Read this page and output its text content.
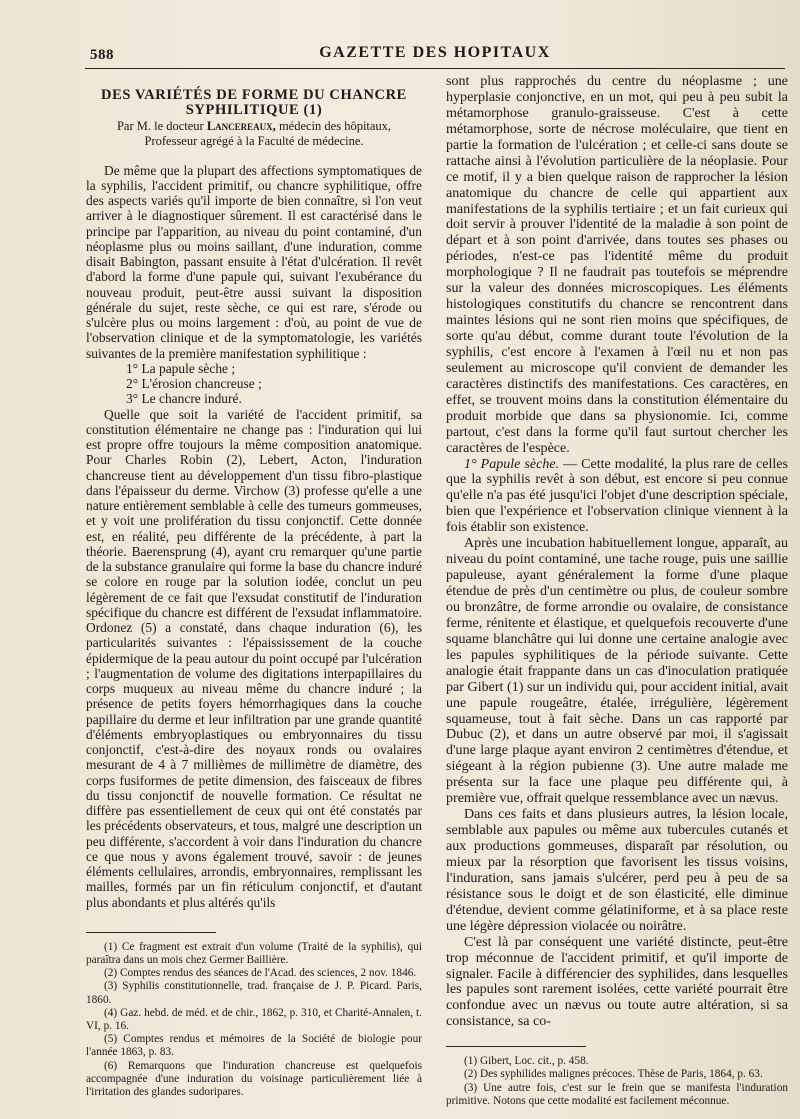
588	GAZETTE DES HOPITAUX
DES VARIÉTÉS DE FORME DU CHANCRE SYPHILITIQUE (1)
Par M. le docteur Lancereaux, médecin des hôpitaux,
Professeur agrégé à la Faculté de médecine.

De même que la plupart des affections symptomatiques de la syphilis, l'accident primitif, ou chancre syphilitique, offre des aspects variés qu'il importe de bien connaître, si l'on veut arriver à le diagnostiquer sûrement. Il est caractérisé dans le principe par l'apparition, au niveau du point contaminé, d'un néoplasme plus ou moins saillant, d'une induration, comme disait Babington, passant ensuite à l'état d'ulcération. Il revêt d'abord la forme d'une papule qui, suivant l'exubérance du nouveau produit, peut-être aussi suivant la disposition générale du sujet, reste sèche, ce qui est rare, s'érode ou s'ulcère plus ou moins largement : d'où, au point de vue de l'observation clinique et de la symptomatologie, les variétés suivantes de la première manifestation syphilitique :

1° La papule sèche ;

2° L'érosion chancreuse ;

3° Le chancre induré.

Quelle que soit la variété de l'accident primitif, sa constitution élémentaire ne change pas : l'induration qui lui est propre offre toujours la même composition anatomique. Pour Charles Robin (2), Lebert, Acton, l'induration chancreuse tient au développement d'un tissu fibro-plastique dans l'épaisseur du derme. Virchow (3) professe qu'elle a une nature entièrement semblable à celle des tumeurs gommeuses, et y voit une prolifération du tissu conjonctif. Cette donnée est, en réalité, peu différente de la précédente, à part la théorie. Baerensprung (4), ayant cru remarquer qu'une partie de la substance granulaire qui forme la base du chancre induré se colore en rouge par la solution iodée, conclut un peu légèrement de ce fait que l'exsudat constitutif de l'induration spécifique du chancre est différent de l'exsudat inflammatoire. Ordonez (5) a constaté, dans chaque induration (6), les particularités suivantes : l'épaississement de la couche épidermique de la peau autour du point occupé par l'ulcération ; l'augmentation de volume des digitations interpapillaires du corps muqueux au niveau même du chancre induré ; la présence de petits foyers hémorrhagiques dans la couche papillaire du derme et leur infiltration par une grande quantité d'éléments embryoplastiques ou embryonnaires du tissu conjonctif, c'est-à-dire des noyaux ronds ou ovalaires mesurant de 4 à 7 millièmes de millimètre de diamètre, des corps fusiformes de petite dimension, des faisceaux de fibres du tissu conjonctif de nouvelle formation. Ce résultat ne diffère pas essentiellement de ceux qui ont été constatés par les précédents observateurs, et tous, malgré une description un peu différente, s'accordent à voir dans l'induration du chancre ce que nous y avons également trouvé, savoir : de jeunes éléments cellulaires, arrondis, embryonnaires, remplissant les mailles, formés par un fin réticulum conjonctif, et d'autant plus abondants et plus altérés qu'ils

(1) Ce fragment est extrait d'un volume (Traité de la syphilis), qui paraîtra dans un mois chez Germer Baillière.

(2) Comptes rendus des séances de l'Acad. des sciences, 2 nov. 1846.

(3) Syphilis constitutionnelle, trad. française de J. P. Picard. Paris, 1860.

(4) Gaz. hebd. de méd. et de chir., 1862, p. 310, et Charité-Annalen, t. VI, p. 16.

(5) Comptes rendus et mémoires de la Société de biologie pour l'année 1863, p. 83.

(6) Remarquons que l'induration chancreuse est quelquefois accompagnée d'une induration du voisinage particulièrement liée à l'irritation des glandes sudoripares.

sont plus rapprochés du centre du néoplasme ; une hyperplasie conjonctive, en un mot, qui peu à peu subit la métamorphose granulo-graisseuse. C'est à cette métamorphose, sorte de nécrose moléculaire, que tient en partie la formation de l'ulcération ; et celle-ci sans doute se rattache ainsi à l'évolution particulière de la néoplasie. Pour ce motif, il y a bien quelque raison de rapprocher la lésion anatomique du chancre de celle qui appartient aux manifestations de la syphilis tertiaire ; et un fait curieux qui doit servir à prouver l'identité de la maladie à son point de départ et à son point d'arrivée, dans toutes ses phases ou périodes, n'est-ce pas l'identité même du produit morphologique ? Il ne faudrait pas toutefois se méprendre sur la valeur des données microscopiques. Les éléments histologiques constitutifs du chancre se rencontrent dans maintes lésions qui ne sont rien moins que spécifiques, de sorte qu'au début, comme durant toute l'évolution de la syphilis, c'est encore à l'examen à l'œil nu et non pas seulement au microscope qu'il convient de demander les caractères distinctifs des manifestations. Ces caractères, en effet, se trouvent moins dans la constitution élémentaire du produit morbide que dans sa physionomie. Ici, comme partout, c'est dans la forme qu'il faut surtout chercher les caractères de l'espèce.

1° Papule sèche. — Cette modalité, la plus rare de celles que la syphilis revêt à son début, est encore si peu connue qu'elle n'a pas été jusqu'ici l'objet d'une description spéciale, bien que l'expérience et l'observation clinique viennent à la fois établir son existence.

Après une incubation habituellement longue, apparaît, au niveau du point contaminé, une tache rouge, puis une saillie papuleuse, ayant généralement la forme d'une plaque étendue de près d'un centimètre ou plus, de couleur sombre ou bronzâtre, de forme arrondie ou ovalaire, de consistance ferme, rénitente et élastique, et quelquefois recouverte d'une squame blanchâtre qui lui donne une certaine analogie avec les papules syphilitiques de la période suivante. Cette analogie était frappante dans un cas d'inoculation pratiquée par Gibert (1) sur un individu qui, pour accident initial, avait une papule rougeâtre, étalée, irrégulière, légèrement squameuse, tout à fait sèche. Dans un cas rapporté par Dubuc (2), et dans un autre observé par moi, il s'agissait d'une large plaque ayant environ 2 centimètres d'étendue, et siégeant à la région pubienne (3). Une autre malade me présenta sur la face une plaque peu différente qui, à première vue, offrait quelque ressemblance avec un nævus.

Dans ces faits et dans plusieurs autres, la lésion locale, semblable aux papules ou même aux tubercules cutanés et aux productions gommeuses, disparaît par résolution, ou mieux par la résorption que favorisent les tissus voisins, l'induration, sans jamais s'ulcérer, perd peu à peu de sa résistance sous le doigt et de son élasticité, elle diminue d'étendue, devient comme gélatiniforme, et à sa place reste une légère dépression violacée ou noirâtre.

C'est là par conséquent une variété distincte, peut-être trop méconnue de l'accident primitif, et qu'il importe de signaler. Facile à différencier des syphilides, dans lesquelles les papules sont rarement isolées, cette variété pourrait être confondue avec un nævus ou toute autre altération, si sa consistance, sa co-

(1) Gibert, Loc. cit., p. 458.

(2) Des syphilides malignes précoces. Thèse de Paris, 1864, p. 63.

(3) Une autre fois, c'est sur le frein que se manifesta l'induration primitive. Notons que cette modalité est facilement méconnue.
